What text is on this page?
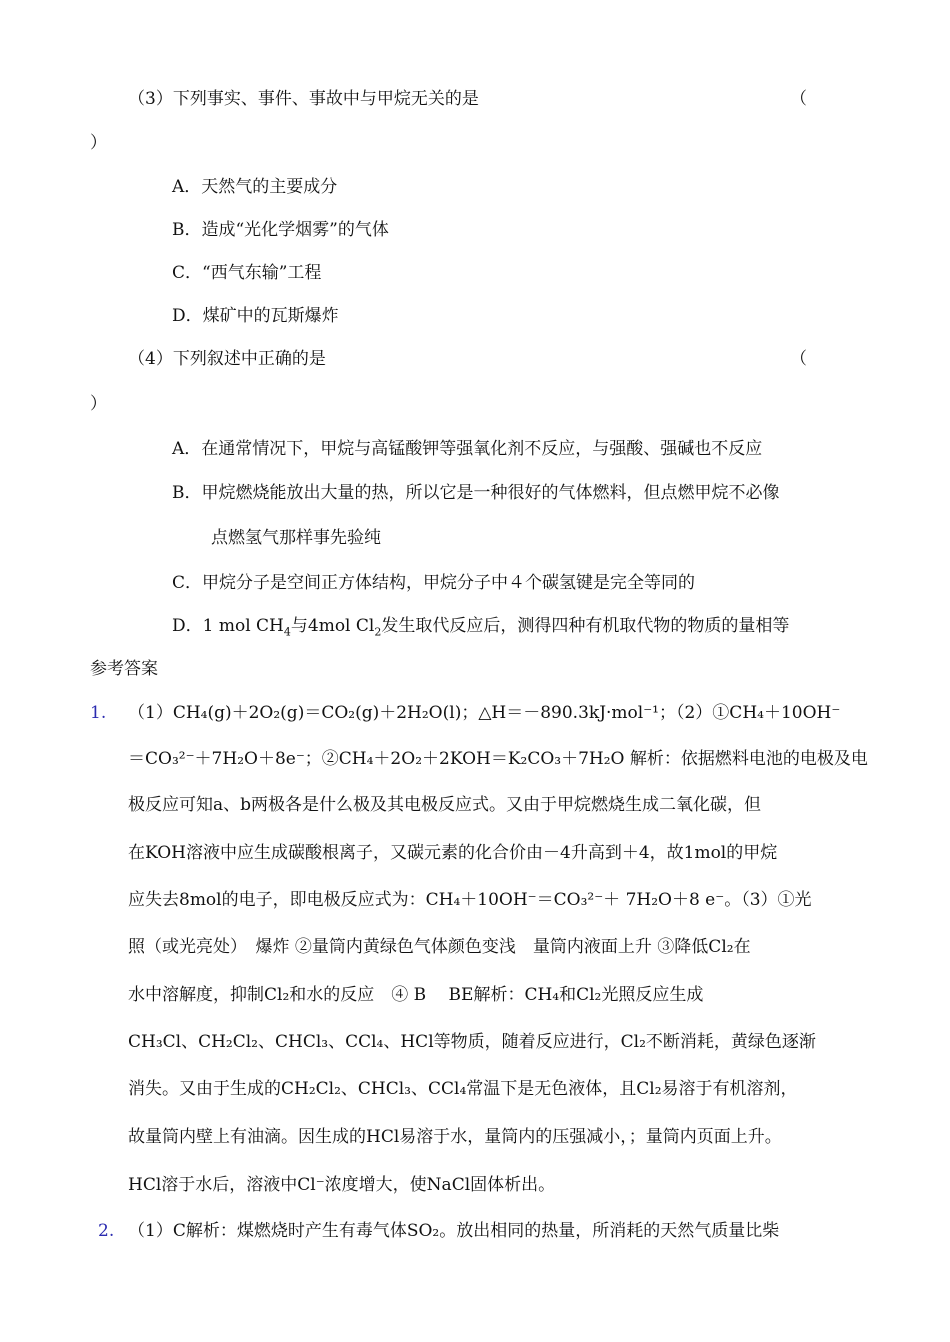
（3）下列事实、事件、事故中与甲烷无关的是	（
）
A．天然气的主要成分
B．造成“光化学烟雾”的气体
C．“西气东输”工程
D．煤矿中的瓦斯爆炸
（4）下列叙述中正确的是	（
）
A．在通常情况下，甲烷与高锰酸钾等强氧化剂不反应，与强酸、强碱也不反应
B．甲烷燃烧能放出大量的热，所以它是一种很好的气体燃料，但点燃甲烷不必像
点燃氢气那样事先验纯
C．甲烷分子是空间正方体结构，甲烷分子中４个碳氢键是完全等同的
D．1 mol $CH_4$与4mol $Cl_2$发生取代反应后，测得四种有机取代物的物质的量相等
参考答案
1. （1）CH₄(g)＋2O₂(g)＝CO₂(g)＋2H₂O(l)；△H＝－890.3kJ·mol⁻¹；（2）①CH₄＋10OH⁻
＝CO₃²⁻＋7H₂O＋8e⁻；②CH₄＋2O₂＋2KOH＝K₂CO₃＋7H₂O 解析：依据燃料电池的电极及电
极反应可知a、b两极各是什么极及其电极反应式。又由于甲烷燃烧生成二氧化碳，但
在KOH溶液中应生成碳酸根离子，又碳元素的化合价由－4升高到＋4，故1mol的甲烷
应失去8mol的电子，即电极反应式为：CH₄＋10OH⁻＝CO₃²⁻＋ 7H₂O＋8 e⁻。（3）①光
照（或光亮处）　爆炸 ②量筒内黄绿色气体颜色变浅　量筒内液面上升 ③降低Cl₂在
水中溶解度，抑制Cl₂和水的反应　④ B　 BE解析：CH₄和Cl₂光照反应生成
CH₃Cl、CH₂Cl₂、CHCl₃、CCl₄、HCl等物质，随着反应进行，Cl₂不断消耗，黄绿色逐渐
消失。又由于生成的CH₂Cl₂、CHCl₃、CCl₄常温下是无色液体，且Cl₂易溶于有机溶剂，
故量筒内壁上有油滴。因生成的HCl易溶于水，量筒内的压强减小，；量筒内页面上升。
HCl溶于水后，溶液中Cl⁻浓度增大，使NaCl固体析出。
2. （1）C解析：煤燃烧时产生有毒气体SO₂。放出相同的热量，所消耗的天然气质量比柴
